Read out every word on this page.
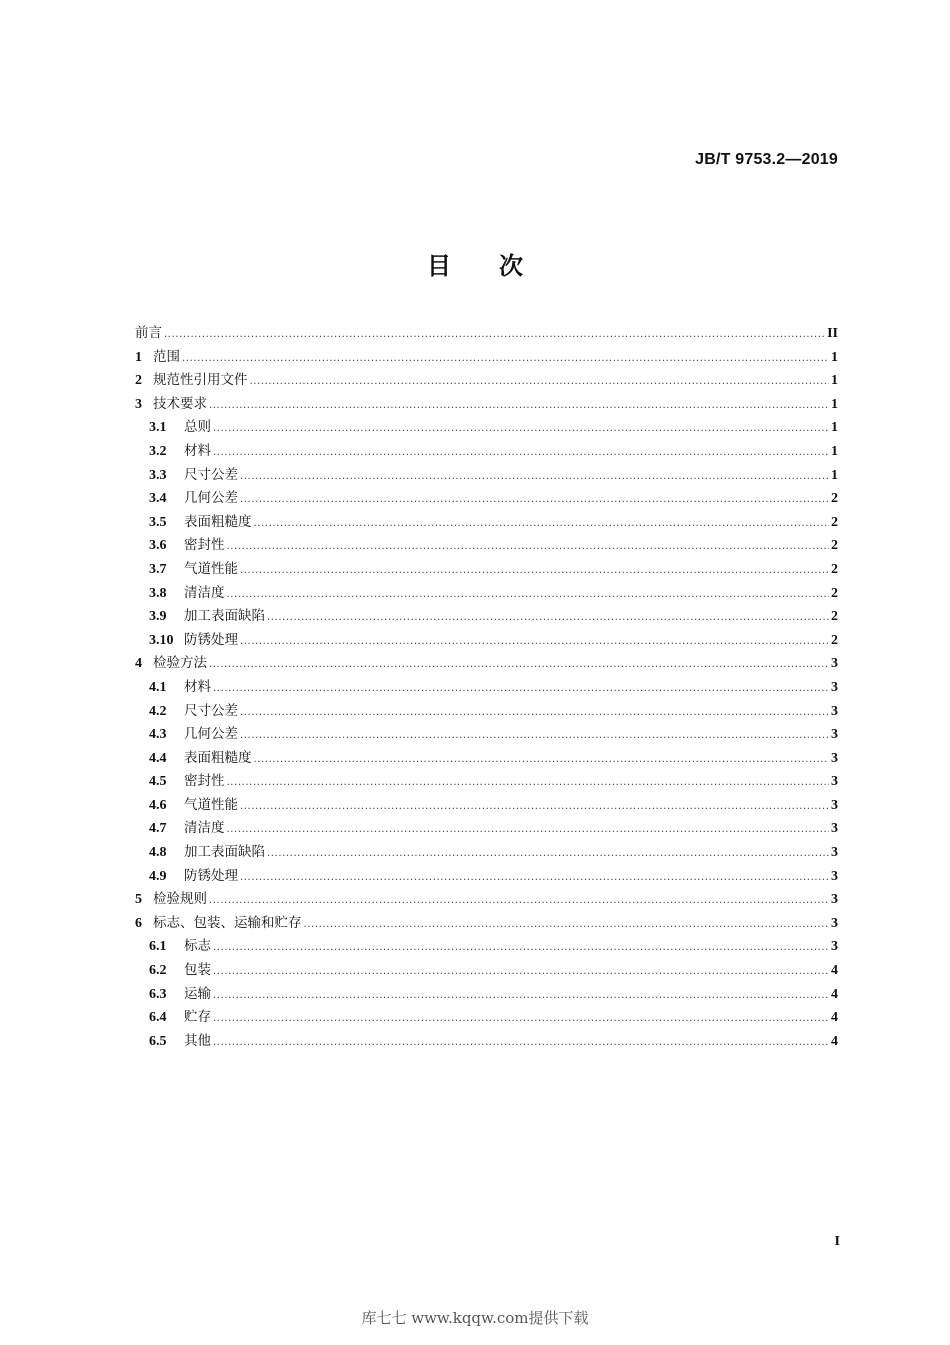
JB/T 9753.2—2019
目次
前言 .....	II
1 范围 .....	1
2 规范性引用文件 .....	1
3 技术要求 .....	1
3.1	总则 .....	1
3.2	材料 .....	1
3.3	尺寸公差 .....	1
3.4	几何公差 .....	2
3.5	表面粗糙度 .....	2
3.6	密封性 .....	2
3.7	气道性能 .....	2
3.8	清洁度 .....	2
3.9	加工表面缺陷 .....	2
3.10 防锈处理 .....	2
4 检验方法 .....	3
4.1	材料 .....	3
4.2	尺寸公差 .....	3
4.3	几何公差 .....	3
4.4	表面粗糙度 .....	3
4.5	密封性 .....	3
4.6	气道性能 .....	3
4.7	清洁度 .....	3
4.8	加工表面缺陷 .....	3
4.9	防锈处理 .....	3
5 检验规则 .....	3
6 标志、包装、运输和贮存 .....	3
6.1	标志 .....	3
6.2	包装 .....	4
6.3	运输 .....	4
6.4	贮存 .....	4
6.5	其他 .....	4
I
库七七 www.kqqw.com提供下载
